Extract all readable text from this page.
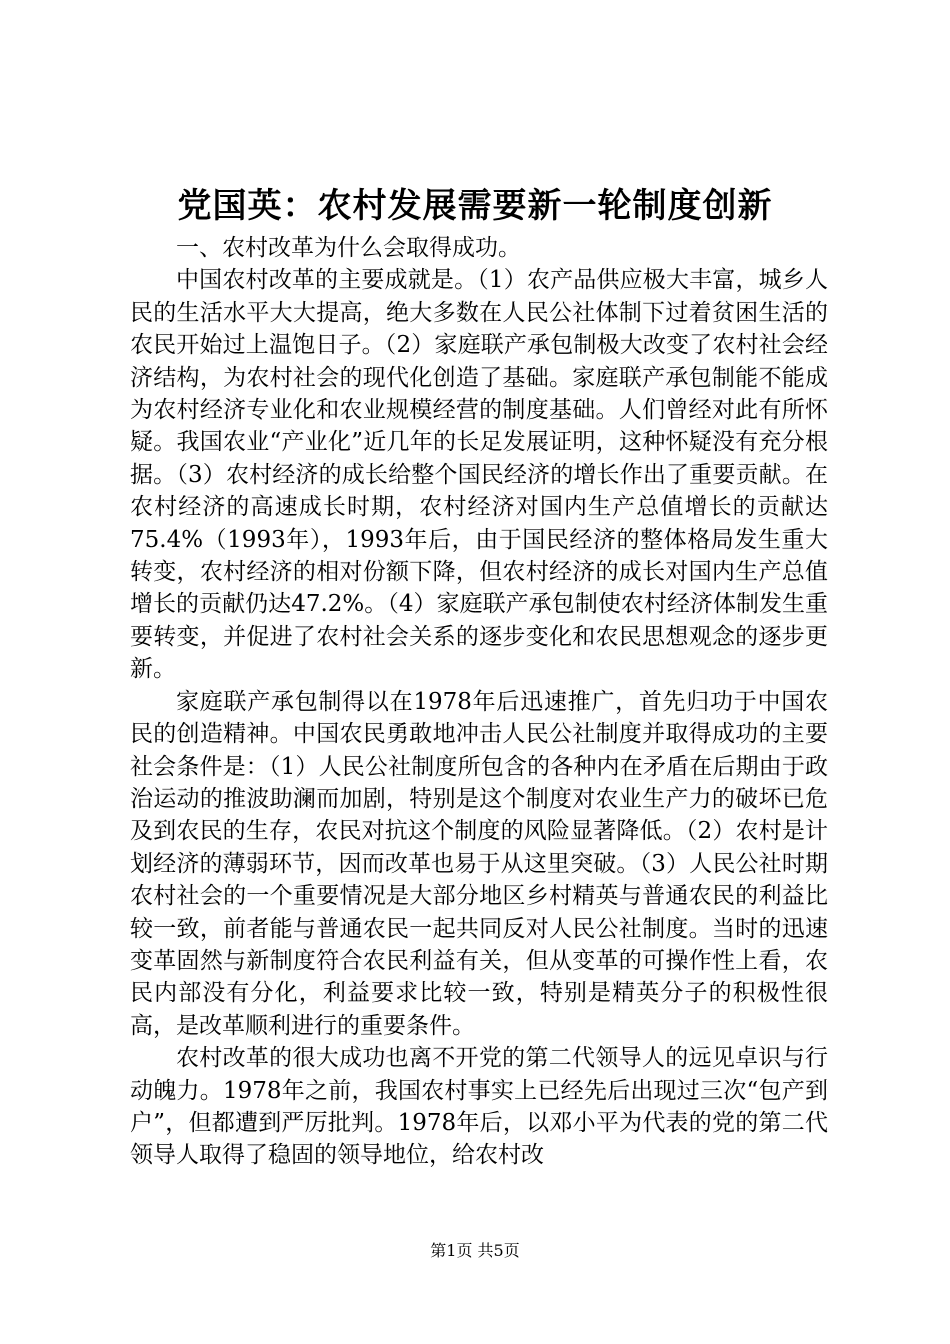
党国英：农村发展需要新一轮制度创新

一、农村改革为什么会取得成功。

中国农村改革的主要成就是。（1）农产品供应极大丰富，城乡人民的生活水平大大提高，绝大多数在人民公社体制下过着贫困生活的农民开始过上温饱日子。（2）家庭联产承包制极大改变了农村社会经济结构，为农村社会的现代化创造了基础。家庭联产承包制能不能成为农村经济专业化和农业规模经营的制度基础。人们曾经对此有所怀疑。我国农业“产业化”近几年的长足发展证明，这种怀疑没有充分根据。（3）农村经济的成长给整个国民经济的增长作出了重要贡献。在农村经济的高速成长时期，农村经济对国内生产总值增长的贡献达75.4%（1993年），1993年后，由于国民经济的整体格局发生重大转变，农村经济的相对份额下降，但农村经济的成长对国内生产总值增长的贡献仍达47.2%。（4）家庭联产承包制使农村经济体制发生重要转变，并促进了农村社会关系的逐步变化和农民思想观念的逐步更新。

家庭联产承包制得以在1978年后迅速推广，首先归功于中国农民的创造精神。中国农民勇敢地冲击人民公社制度并取得成功的主要社会条件是：（1）人民公社制度所包含的各种内在矛盾在后期由于政治运动的推波助澜而加剧，特别是这个制度对农业生产力的破坏已危及到农民的生存，农民对抗这个制度的风险显著降低。（2）农村是计划经济的薄弱环节，因而改革也易于从这里突破。（3）人民公社时期农村社会的一个重要情况是大部分地区乡村精英与普通农民的利益比较一致，前者能与普通农民一起共同反对人民公社制度。当时的迅速变革固然与新制度符合农民利益有关，但从变革的可操作性上看，农民内部没有分化，利益要求比较一致，特别是精英分子的积极性很高，是改革顺利进行的重要条件。

农村改革的很大成功也离不开党的第二代领导人的远见卓识与行动魄力。1978年之前，我国农村事实上已经先后出现过三次“包产到户”，但都遭到严厉批判。1978年后，以邓小平为代表的党的第二代领导人取得了稳固的领导地位，给农村改

第1页 共5页
